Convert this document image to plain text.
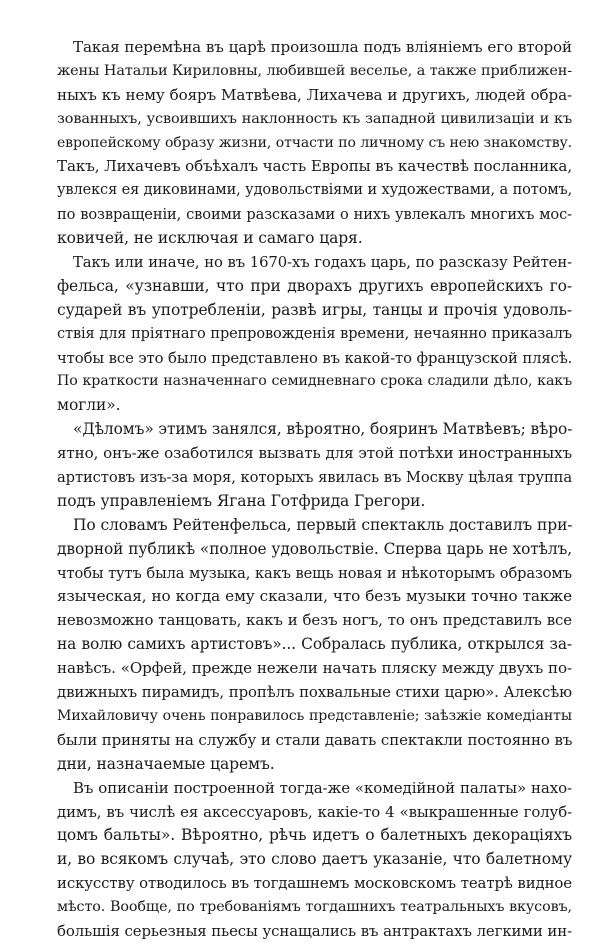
Такая перемѣна въ царѣ произошла подъ вліяніемъ его второй
жены Натальи Кириловны, любившей веселье, а также приближен-
ныхъ къ нему бояръ Матвѣева, Лихачева и другихъ, людей обра-
зованныхъ, усвоившихъ наклонность къ западной цивилизаціи и къ
европейскому образу жизни, отчасти по личному съ нею знакомству.
Такъ, Лихачевъ объѣхалъ часть Европы въ качествѣ посланника,
увлекся ея диковинами, удовольствіями и художествами, а потомъ,
по возвращеніи, своими разсказами о нихъ увлекалъ многихъ мос-
ковичей, не исключая и самаго царя.

Такъ или иначе, но въ 1670-хъ годахъ царь, по разсказу Рейтен-
фельса, «узнавши, что при дворахъ другихъ европейскихъ го-
сударей въ употребленіи, развѣ игры, танцы и прочія удоволь-
ствія для пріятнаго препровожденія времени, нечаянно приказалъ
чтобы все это было представлено въ какой-то французской плясѣ.
По краткости назначеннаго семидневнаго срока сладили дѣло, какъ
могли».

«Дѣломъ» этимъ занялся, вѣроятно, бояринъ Матвѣевъ; вѣро-
ятно, онъ-же озаботился вызвать для этой потѣхи иностранныхъ
артистовъ изъ-за моря, которыхъ явилась въ Москву цѣлая труппа
подъ управленіемъ Ягана Готфрида Грегори.

По словамъ Рейтенфельса, первый спектакль доставилъ при-
дворной публикѣ «полное удовольствіе. Сперва царь не хотѣлъ,
чтобы тутъ была музыка, какъ вещь новая и нѣкоторымъ образомъ
языческая, но когда ему сказали, что безъ музыки точно также
невозможно танцовать, какъ и безъ ногъ, то онъ представилъ все
на волю самихъ артистовъ»... Собралась публика, открылся за-
навѣсъ. «Орфей, прежде нежели начать пляску между двухъ по-
движныхъ пирамидъ, пропѣлъ похвальные стихи царю». Алексѣю
Михайловичу очень понравилось представленіе; заѣзжіе комедіанты
были приняты на службу и стали давать спектакли постоянно въ
дни, назначаемые царемъ.

Въ описаніи построенной тогда-же «комедійной палаты» нахо-
димъ, въ числѣ ея аксессуаровъ, какіе-то 4 «выкрашенные голуб-
цомъ бальты». Вѣроятно, рѣчь идетъ о балетныхъ декораціяхъ
и, во всякомъ случаѣ, это слово даетъ указаніе, что балетному
искусству отводилось въ тогдашнемъ московскомъ театрѣ видное
мѣсто. Вообще, по требованіямъ тогдашнихъ театральныхъ вкусовъ,
большія серьезныя пьесы уснащались въ антрактахъ легкими ин-
